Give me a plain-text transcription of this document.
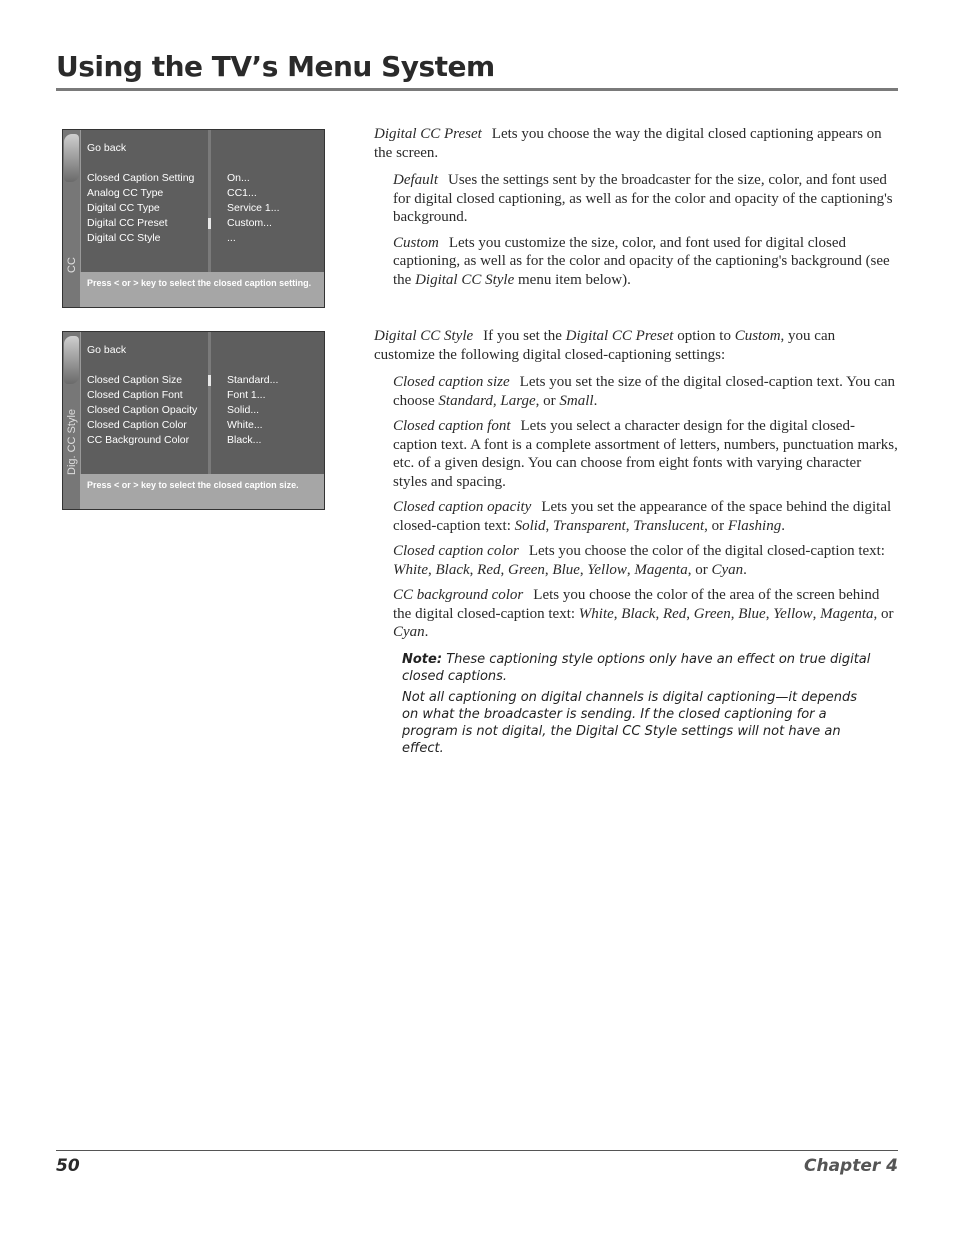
Using the TV’s Menu System
CC
Go back
Closed Caption Setting
Analog CC Type
Digital CC Type
Digital CC Preset
Digital CC Style
On...
CC1...
Service 1...
Custom...
...
Press < or > key to select the closed caption setting.
Dig. CC Style
Go back
Closed Caption Size
Closed Caption Font
Closed Caption Opacity
Closed Caption Color
CC Background Color
Standard...
Font 1...
Solid...
White...
Black...
Press < or > key to select the closed caption size.

Digital CC Preset Lets you choose the way the digital closed captioning appears on the screen.

Default Uses the settings sent by the broadcaster for the size, color, and font used for digital closed captioning, as well as for the color and opacity of the captioning's background.

Custom Lets you customize the size, color, and font used for digital closed captioning, as well as for the color and opacity of the captioning's background (see the Digital CC Style menu item below).

Digital CC Style If you set the Digital CC Preset option to Custom, you can customize the following digital closed-captioning settings:

Closed caption size Lets you set the size of the digital closed-caption text. You can choose Standard, Large, or Small.

Closed caption font Lets you select a character design for the digital closed-caption text. A font is a complete assortment of letters, numbers, punctuation marks, etc. of a given design. You can choose from eight fonts with varying character styles and spacing.

Closed caption opacity Lets you set the appearance of the space behind the digital closed-caption text: Solid, Transparent, Translucent, or Flashing.

Closed caption color Lets you choose the color of the digital closed-caption text: White, Black, Red, Green, Blue, Yellow, Magenta, or Cyan.

CC background color Lets you choose the color of the area of the screen behind the digital closed-caption text: White, Black, Red, Green, Blue, Yellow, Magenta, or Cyan.

Note: These captioning style options only have an effect on true digital closed captions.

Not all captioning on digital channels is digital captioning—it depends on what the broadcaster is sending. If the closed captioning for a program is not digital, the Digital CC Style settings will not have an effect.

50	Chapter 4
